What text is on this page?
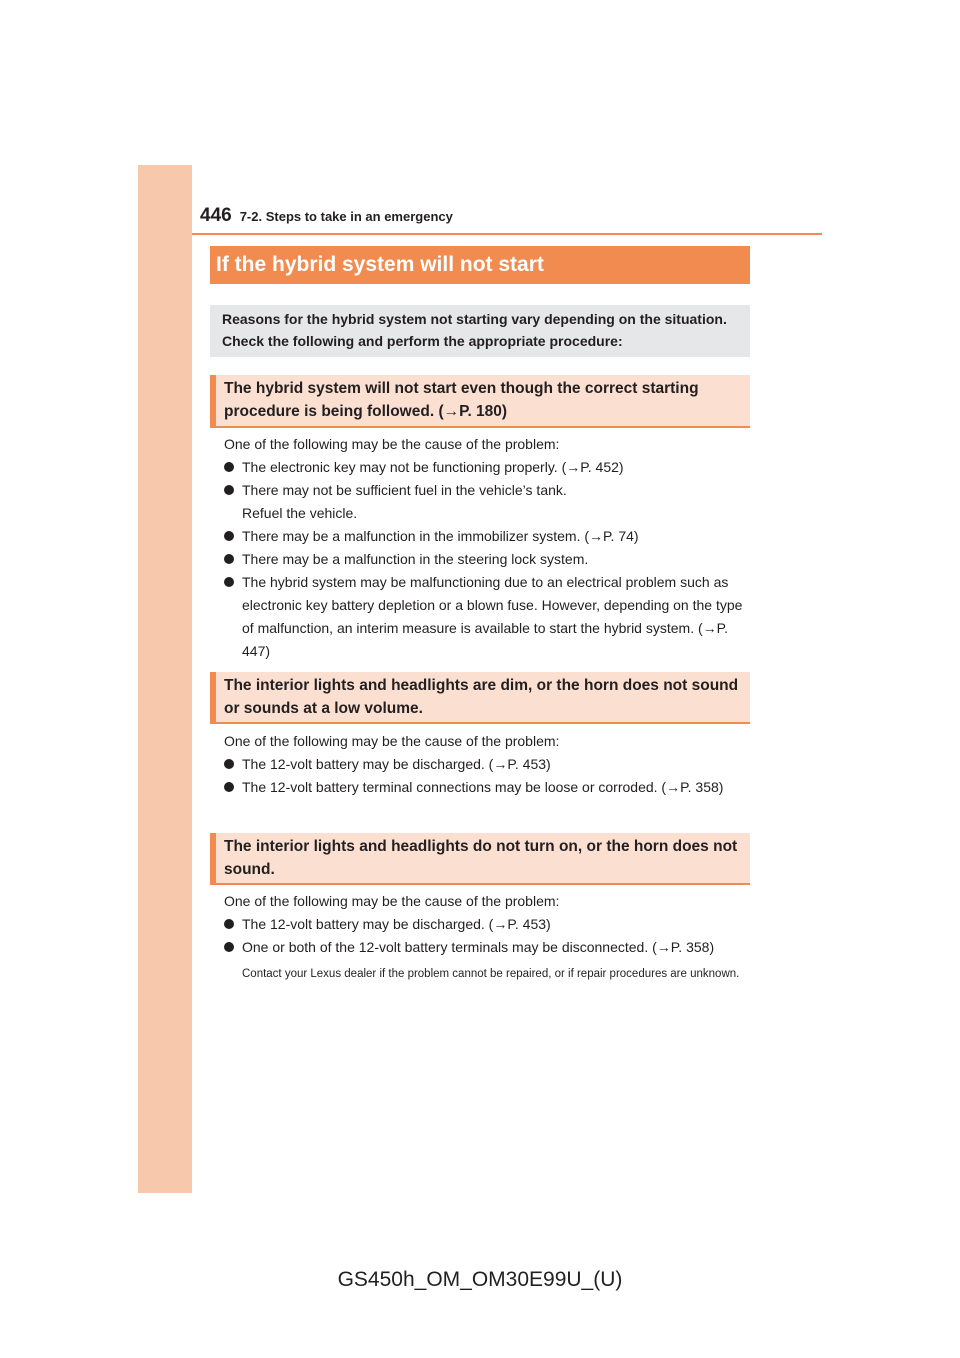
446 7-2. Steps to take in an emergency
If the hybrid system will not start
Reasons for the hybrid system not starting vary depending on the situation. Check the following and perform the appropriate procedure:
The hybrid system will not start even though the correct starting procedure is being followed. (→P. 180)
One of the following may be the cause of the problem:
The electronic key may not be functioning properly. (→P. 452)
There may not be sufficient fuel in the vehicle’s tank.
Refuel the vehicle.
There may be a malfunction in the immobilizer system. (→P. 74)
There may be a malfunction in the steering lock system.
The hybrid system may be malfunctioning due to an electrical problem such as electronic key battery depletion or a blown fuse. However, depending on the type of malfunction, an interim measure is available to start the hybrid system. (→P. 447)
The interior lights and headlights are dim, or the horn does not sound or sounds at a low volume.
One of the following may be the cause of the problem:
The 12-volt battery may be discharged. (→P. 453)
The 12-volt battery terminal connections may be loose or corroded. (→P. 358)
The interior lights and headlights do not turn on, or the horn does not sound.
One of the following may be the cause of the problem:
The 12-volt battery may be discharged. (→P. 453)
One or both of the 12-volt battery terminals may be disconnected. (→P. 358)
Contact your Lexus dealer if the problem cannot be repaired, or if repair procedures are unknown.
GS450h_OM_OM30E99U_(U)
